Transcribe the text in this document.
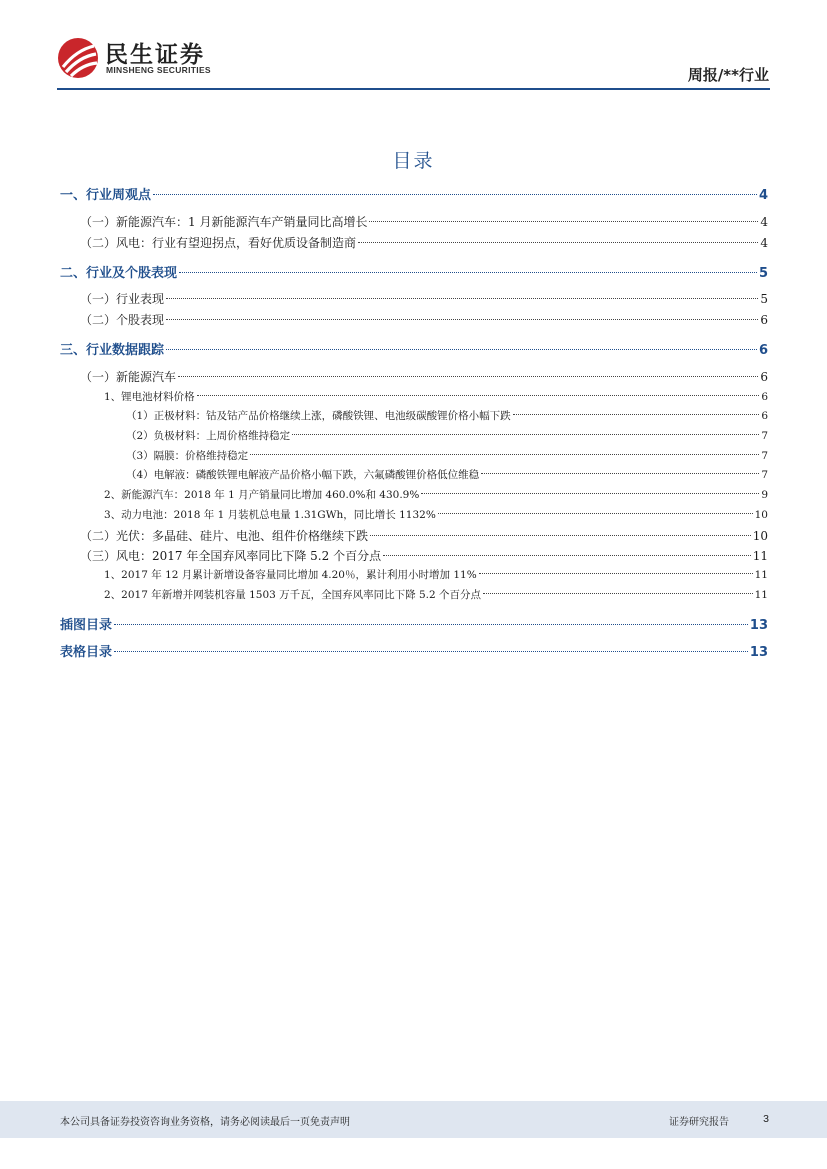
民生证券
MINSHENG SECURITIES	周报/**行业
目录
一、行业周观点	4
（一）新能源汽车：1 月新能源汽车产销量同比高增长	4
（二）风电：行业有望迎拐点，看好优质设备制造商	4
二、行业及个股表现	5
（一）行业表现	5
（二）个股表现	6
三、行业数据跟踪	6
（一）新能源汽车	6
1、锂电池材料价格	6
（1）正极材料：钴及钴产品价格继续上涨，磷酸铁锂、电池级碳酸锂价格小幅下跌	6
（2）负极材料：上周价格维持稳定	7
（3）隔膜：价格维持稳定	7
（4）电解液：磷酸铁锂电解液产品价格小幅下跌，六氟磷酸锂价格低位维稳	7
2、新能源汽车：2018 年 1 月产销量同比增加 460.0%和 430.9%	9
3、动力电池：2018 年 1 月装机总电量 1.31GWh，同比增长 1132%	10
（二）光伏：多晶硅、硅片、电池、组件价格继续下跌	10
（三）风电：2017 年全国弃风率同比下降 5.2 个百分点	11
1、2017 年 12 月累计新增设备容量同比增加 4.20％，累计利用小时增加 11%	11
2、2017 年新增并网装机容量 1503 万千瓦，全国弃风率同比下降 5.2 个百分点	11
插图目录	13
表格目录	13
本公司具备证券投资咨询业务资格，请务必阅读最后一页免责声明	证券研究报告	3
